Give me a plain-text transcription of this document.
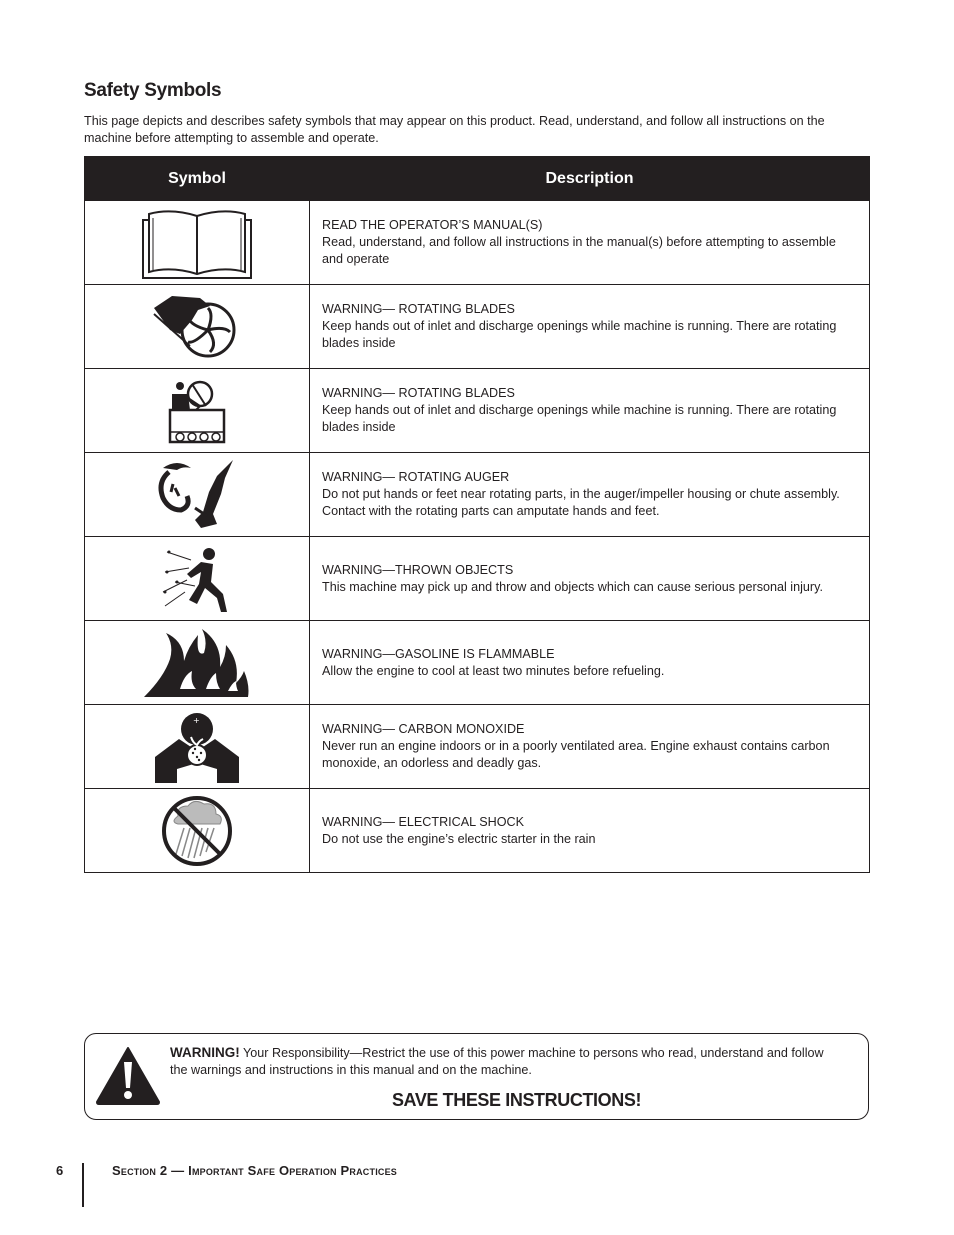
Safety Symbols

This page depicts and describes safety symbols that may appear on this product. Read, understand, and follow all instructions on the machine before attempting to assemble and operate.

Symbol	Description

READ THE OPERATOR’S MANUAL(S)
Read, understand, and follow all instructions in the manual(s) before attempting to assemble and operate

WARNING— ROTATING BLADES
Keep hands out of inlet and discharge openings while machine is running. There are rotating blades inside

WARNING— ROTATING BLADES
Keep hands out of inlet and discharge openings while machine is running. There are rotating blades inside

WARNING— ROTATING AUGER
Do not put hands or feet near rotating parts, in the auger/impeller housing or chute assembly. Contact with the rotating parts can amputate hands and feet.

WARNING—THROWN OBJECTS
This machine may pick up and throw and objects which can cause serious personal injury.

WARNING—GASOLINE IS FLAMMABLE
Allow the engine to cool at least two minutes before refueling.

+	WARNING— CARBON MONOXIDE
Never run an engine indoors or in a poorly ventilated area. Engine exhaust contains carbon monoxide, an odorless and deadly gas.

WARNING— ELECTRICAL SHOCK
Do not use the engine’s electric starter in the rain
WARNING! Your Responsibility—Restrict the use of this power machine to persons who read, understand and follow the warnings and instructions in this manual and on the machine.
SAVE THESE INSTRUCTIONS!
6	Section 2 — Important Safe Operation Practices
